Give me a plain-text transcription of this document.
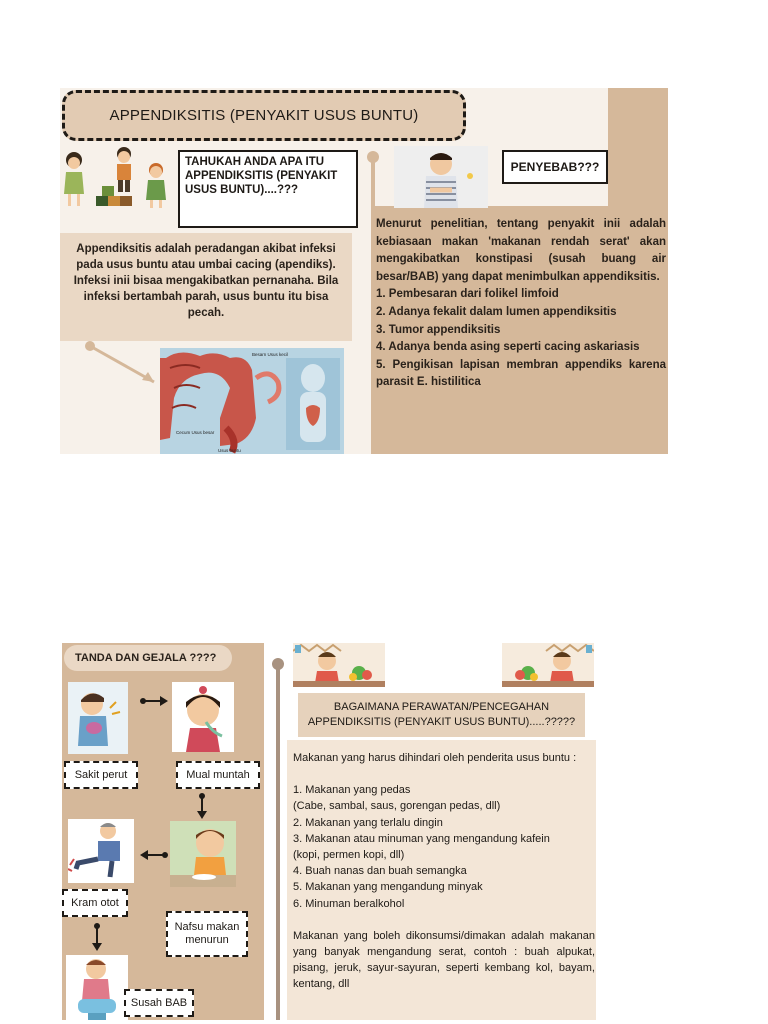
APPENDIKSITIS (PENYAKIT USUS BUNTU)
TAHUKAH ANDA APA ITU APPENDIKSITIS (PENYAKIT USUS BUNTU)....???
Appendiksitis adalah peradangan akibat infeksi pada usus buntu atau umbai cacing (apendiks). Infeksi inii bisaa mengakibatkan pernanaha. Bila infeksi bertambah parah, usus buntu itu bisa pecah.
Besarn Usus kecil
Cecum Usus besar
Usus buntu
PENYEBAB???

Menurut penelitian, tentang penyakit inii adalah kebiasaan makan 'makanan rendah serat' akan mengakibatkan konstipasi (susah buang air besar/BAB) yang dapat menimbulkan appendiksitis.

1. Pembesaran dari folikel limfoid
2. Adanya fekalit dalam lumen appendiksitis
3. Tumor appendiksitis
4. Adanya benda asing seperti cacing askariasis
5. Pengikisan lapisan membran appendiks karena parasit E. histilitica
TANDA DAN GEJALA ????
Sakit perut	Mual muntah
Kram otot
Nafsu makan menurun
Susah BAB
BAGAIMANA PERAWATAN/PENCEGAHAN APPENDIKSITIS (PENYAKIT USUS BUNTU).....?????
Makanan yang harus dihindari oleh penderita usus buntu :
1. Makanan yang pedas
(Cabe, sambal, saus, gorengan pedas, dll)
2. Makanan yang terlalu dingin
3. Makanan atau minuman yang mengandung kafein
(kopi, permen kopi, dll)
4. Buah nanas dan buah semangka
5. Makanan yang mengandung minyak
6. Minuman beralkohol
Makanan yang boleh dikonsumsi/dimakan adalah makanan yang banyak mengandung serat, contoh : buah alpukat, pisang, jeruk, sayur-sayuran, seperti kembang kol, bayam, kentang, dll
